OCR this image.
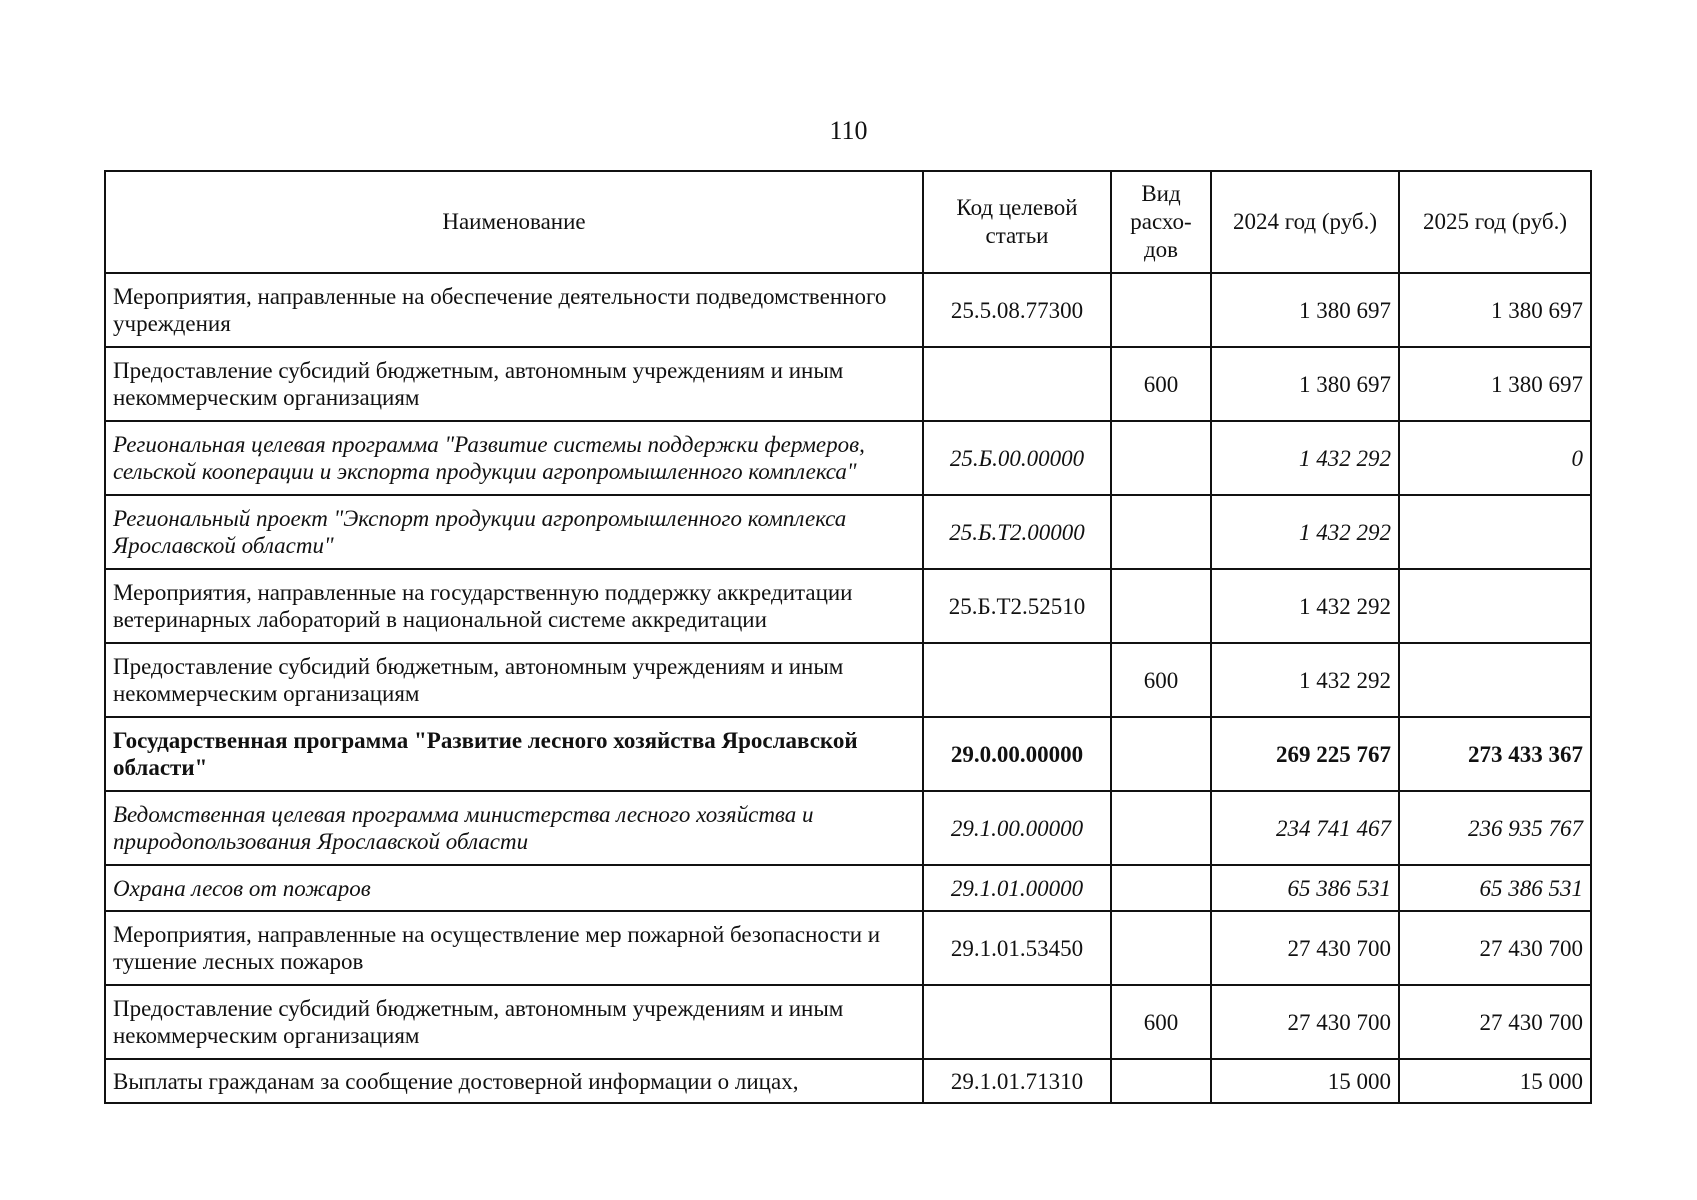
110
Наименование	Код целевой статьи	Вид расхо-дов	2024 год (руб.)	2025 год (руб.)
Мероприятия, направленные на обеспечение деятельности подведомственного учреждения	25.5.08.77300		1 380 697	1 380 697
Предоставление субсидий бюджетным, автономным учреждениям и иным некоммерческим организациям		600	1 380 697	1 380 697
Региональная целевая программа "Развитие системы поддержки фермеров, сельской кооперации и экспорта продукции агропромышленного комплекса"	25.Б.00.00000		1 432 292	0
Региональный проект "Экспорт продукции агропромышленного комплекса Ярославской области"	25.Б.Т2.00000		1 432 292	
Мероприятия, направленные на государственную поддержку аккредитации ветеринарных лабораторий в национальной системе аккредитации	25.Б.Т2.52510		1 432 292	
Предоставление субсидий бюджетным, автономным учреждениям и иным некоммерческим организациям		600	1 432 292	
Государственная программа "Развитие лесного хозяйства Ярославской области"	29.0.00.00000		269 225 767	273 433 367
Ведомственная целевая программа министерства лесного хозяйства и природопользования Ярославской области	29.1.00.00000		234 741 467	236 935 767
Охрана лесов от пожаров	29.1.01.00000		65 386 531	65 386 531
Мероприятия, направленные на осуществление мер пожарной безопасности и тушение лесных пожаров	29.1.01.53450		27 430 700	27 430 700
Предоставление субсидий бюджетным, автономным учреждениям и иным некоммерческим организациям		600	27 430 700	27 430 700
Выплаты гражданам за сообщение достоверной информации о лицах,	29.1.01.71310		15 000	15 000
